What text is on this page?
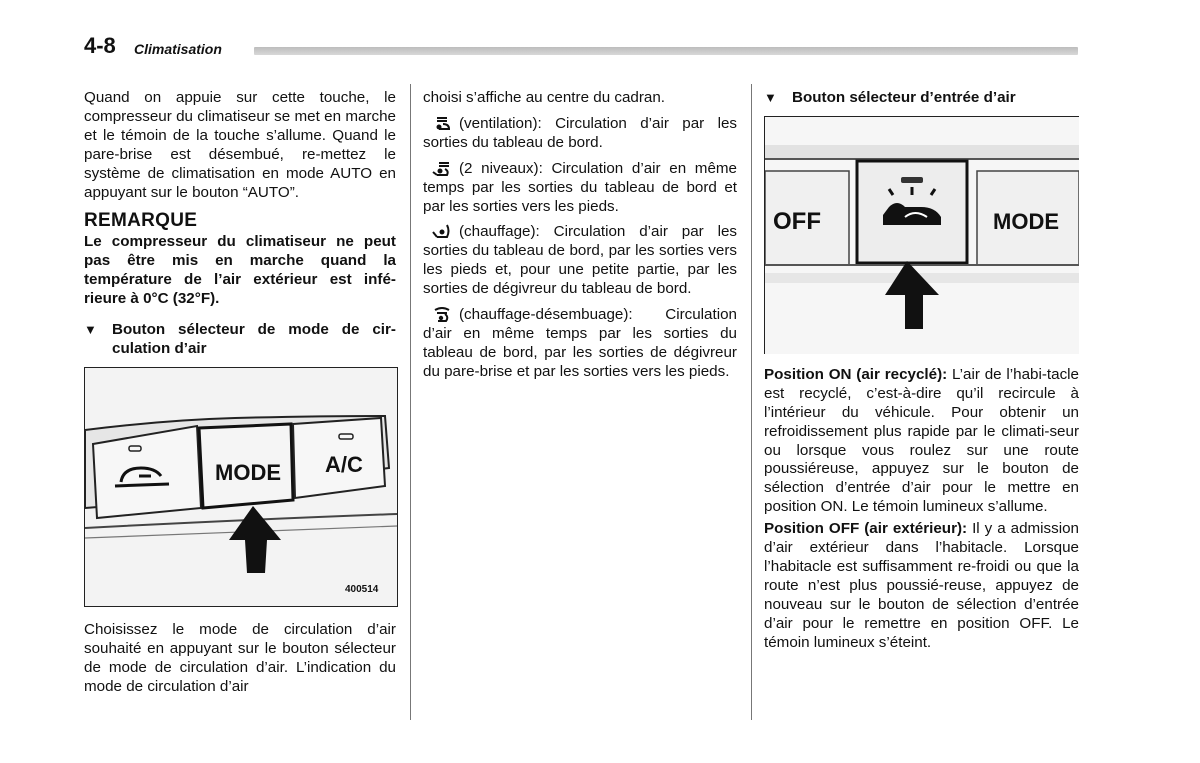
4-8 Climatisation

Quand on appuie sur cette touche, le compresseur du climatiseur se met en marche et le témoin de la touche s’allume. Quand le pare-brise est désembué, re-mettez le système de climatisation en mode AUTO en appuyant sur le bouton “AUTO”.

REMARQUE

Le compresseur du climatiseur ne peut pas être mis en marche quand la température de l’air extérieur est infé-rieure à 0°C (32°F).

▼ Bouton sélecteur de mode de cir-culation d’air

MODE A/C
400514

Choisissez le mode de circulation d’air souhaité en appuyant sur le bouton sélecteur de mode de circulation d’air. L’indication du mode de circulation d’air

choisi s’affiche au centre du cadran.

(ventilation): Circulation d’air par les sorties du tableau de bord.

(2 niveaux): Circulation d’air en même temps par les sorties du tableau de bord et par les sorties vers les pieds.

(chauffage): Circulation d’air par les sorties du tableau de bord, par les sorties vers les pieds et, pour une petite partie, par les sorties de dégivreur du tableau de bord.

(chauffage-désembuage): Circulation d’air en même temps par les sorties du tableau de bord, par les sorties de dégivreur du pare-brise et par les sorties vers les pieds.

▼ Bouton sélecteur d’entrée d’air

OFF	MODE

Position ON (air recyclé): L’air de l’habi-tacle est recyclé, c’est-à-dire qu’il recircule à l’intérieur du véhicule. Pour obtenir un refroidissement plus rapide par le climati-seur ou lorsque vous roulez sur une route poussiéreuse, appuyez sur le bouton de sélection d’entrée d’air pour le mettre en position ON. Le témoin lumineux s’allume.

Position OFF (air extérieur): Il y a admission d’air extérieur dans l’habitacle. Lorsque l’habitacle est suffisamment re-froidi ou que la route n’est plus poussié-reuse, appuyez de nouveau sur le bouton de sélection d’entrée d’air pour le remettre en position OFF. Le témoin lumineux s’éteint.
